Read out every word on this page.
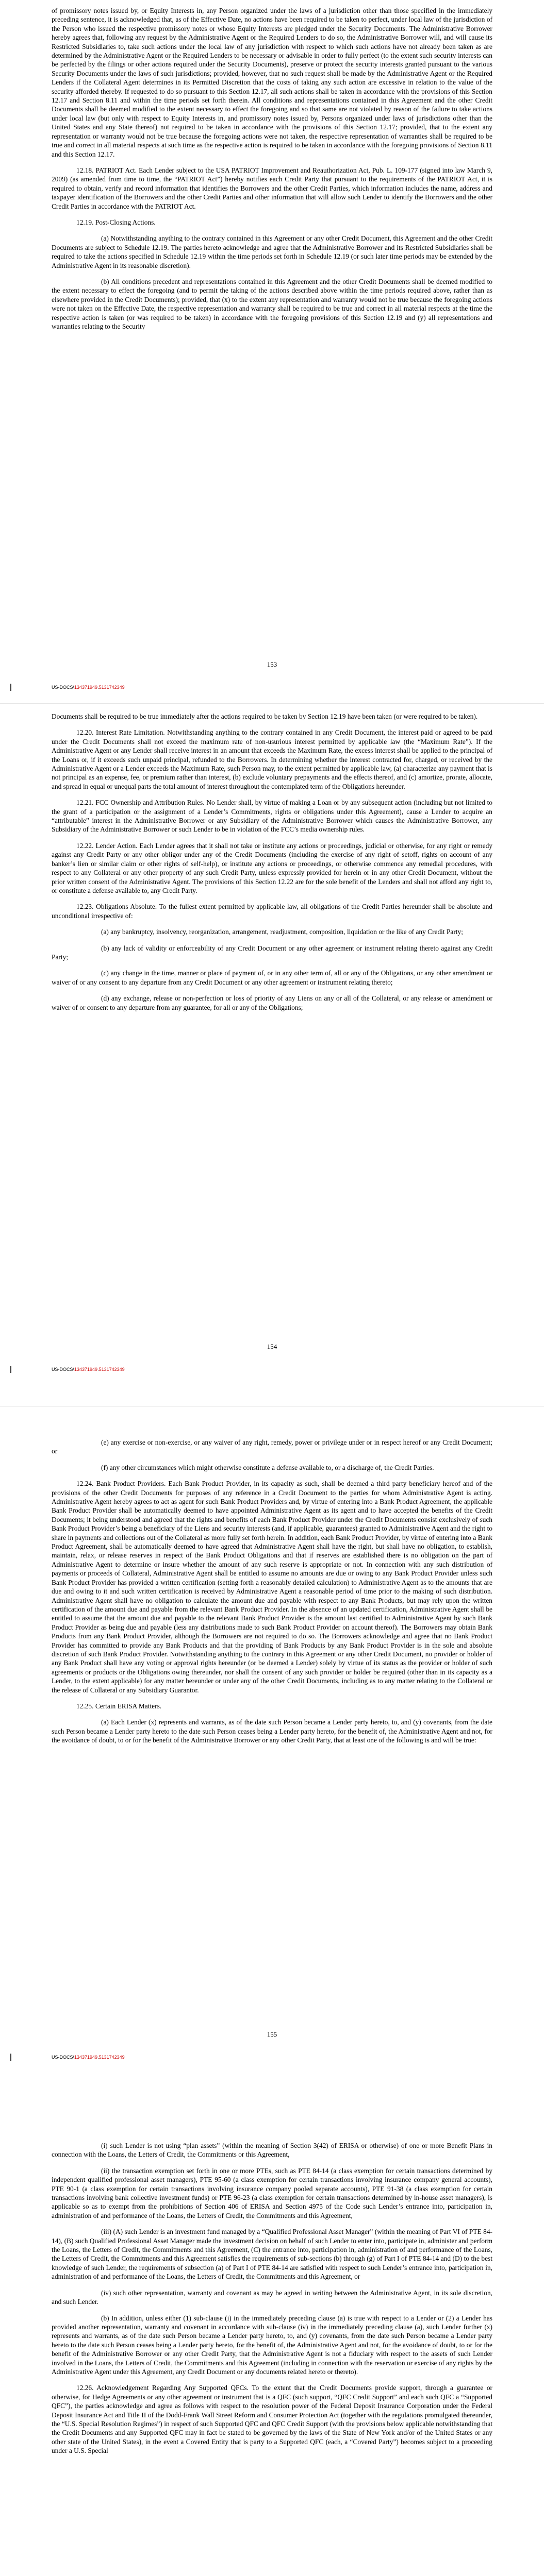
of promissory notes issued by, or Equity Interests in, any Person organized under the laws of a jurisdiction other than those specified in the immediately preceding sentence, it is acknowledged that, as of the Effective Date, no actions have been required to be taken to perfect, under local law of the jurisdiction of the Person who issued the respective promissory notes or whose Equity Interests are pledged under the Security Documents. The Administrative Borrower hereby agrees that, following any request by the Administrative Agent or the Required Lenders to do so, the Administrative Borrower will, and will cause its Restricted Subsidiaries to, take such actions under the local law of any jurisdiction with respect to which such actions have not already been taken as are determined by the Administrative Agent or the Required Lenders to be necessary or advisable in order to fully perfect (to the extent such security interests can be perfected by the filings or other actions required under the Security Documents), preserve or protect the security interests granted pursuant to the various Security Documents under the laws of such jurisdictions; provided, however, that no such request shall be made by the Administrative Agent or the Required Lenders if the Collateral Agent determines in its Permitted Discretion that the costs of taking any such action are excessive in relation to the value of the security afforded thereby. If requested to do so pursuant to this Section 12.17, all such actions shall be taken in accordance with the provisions of this Section 12.17 and Section 8.11 and within the time periods set forth therein. All conditions and representations contained in this Agreement and the other Credit Documents shall be deemed modified to the extent necessary to effect the foregoing and so that same are not violated by reason of the failure to take actions under local law (but only with respect to Equity Interests in, and promissory notes issued by, Persons organized under laws of jurisdictions other than the United States and any State thereof) not required to be taken in accordance with the provisions of this Section 12.17; provided, that to the extent any representation or warranty would not be true because the foregoing actions were not taken, the respective representation of warranties shall be required to be true and correct in all material respects at such time as the respective action is required to be taken in accordance with the foregoing provisions of Section 8.11 and this Section 12.17.

12.18. PATRIOT Act. Each Lender subject to the USA PATRIOT Improvement and Reauthorization Act, Pub. L. 109-177 (signed into law March 9, 2009) (as amended from time to time, the “PATRIOT Act”) hereby notifies each Credit Party that pursuant to the requirements of the PATRIOT Act, it is required to obtain, verify and record information that identifies the Borrowers and the other Credit Parties, which information includes the name, address and taxpayer identification of the Borrowers and the other Credit Parties and other information that will allow such Lender to identify the Borrowers and the other Credit Parties in accordance with the PATRIOT Act.

12.19. Post-Closing Actions.

(a) Notwithstanding anything to the contrary contained in this Agreement or any other Credit Document, this Agreement and the other Credit Documents are subject to Schedule 12.19. The parties hereto acknowledge and agree that the Administrative Borrower and its Restricted Subsidiaries shall be required to take the actions specified in Schedule 12.19 within the time periods set forth in Schedule 12.19 (or such later time periods may be extended by the Administrative Agent in its reasonable discretion).

(b) All conditions precedent and representations contained in this Agreement and the other Credit Documents shall be deemed modified to the extent necessary to effect the foregoing (and to permit the taking of the actions described above within the time periods required above, rather than as elsewhere provided in the Credit Documents); provided, that (x) to the extent any representation and warranty would not be true because the foregoing actions were not taken on the Effective Date, the respective representation and warranty shall be required to be true and correct in all material respects at the time the respective action is taken (or was required to be taken) in accordance with the foregoing provisions of this Section 12.19 and (y) all representations and warranties relating to the Security

153
US-DOCS\134371949.5131742349

Documents shall be required to be true immediately after the actions required to be taken by Section 12.19 have been taken (or were required to be taken).

12.20. Interest Rate Limitation. Notwithstanding anything to the contrary contained in any Credit Document, the interest paid or agreed to be paid under the Credit Documents shall not exceed the maximum rate of non-usurious interest permitted by applicable law (the “Maximum Rate”). If the Administrative Agent or any Lender shall receive interest in an amount that exceeds the Maximum Rate, the excess interest shall be applied to the principal of the Loans or, if it exceeds such unpaid principal, refunded to the Borrowers. In determining whether the interest contracted for, charged, or received by the Administrative Agent or a Lender exceeds the Maximum Rate, such Person may, to the extent permitted by applicable law, (a) characterize any payment that is not principal as an expense, fee, or premium rather than interest, (b) exclude voluntary prepayments and the effects thereof, and (c) amortize, prorate, allocate, and spread in equal or unequal parts the total amount of interest throughout the contemplated term of the Obligations hereunder.

12.21. FCC Ownership and Attribution Rules. No Lender shall, by virtue of making a Loan or by any subsequent action (including but not limited to the grant of a participation or the assignment of a Lender’s Commitments, rights or obligations under this Agreement), cause a Lender to acquire an “attributable” interest in the Administrative Borrower or any Subsidiary of the Administrative Borrower which causes the Administrative Borrower, any Subsidiary of the Administrative Borrower or such Lender to be in violation of the FCC’s media ownership rules.

12.22. Lender Action. Each Lender agrees that it shall not take or institute any actions or proceedings, judicial or otherwise, for any right or remedy against any Credit Party or any other obligor under any of the Credit Documents (including the exercise of any right of setoff, rights on account of any banker’s lien or similar claim or other rights of self-help), or institute any actions or proceedings, or otherwise commence any remedial procedures, with respect to any Collateral or any other property of any such Credit Party, unless expressly provided for herein or in any other Credit Document, without the prior written consent of the Administrative Agent. The provisions of this Section 12.22 are for the sole benefit of the Lenders and shall not afford any right to, or constitute a defense available to, any Credit Party.

12.23. Obligations Absolute. To the fullest extent permitted by applicable law, all obligations of the Credit Parties hereunder shall be absolute and unconditional irrespective of:

(a) any bankruptcy, insolvency, reorganization, arrangement, readjustment, composition, liquidation or the like of any Credit Party;

(b) any lack of validity or enforceability of any Credit Document or any other agreement or instrument relating thereto against any Credit Party;

(c) any change in the time, manner or place of payment of, or in any other term of, all or any of the Obligations, or any other amendment or waiver of or any consent to any departure from any Credit Document or any other agreement or instrument relating thereto;

(d) any exchange, release or non-perfection or loss of priority of any Liens on any or all of the Collateral, or any release or amendment or waiver of or consent to any departure from any guarantee, for all or any of the Obligations;

154
US-DOCS\134371949.5131742349

(e) any exercise or non-exercise, or any waiver of any right, remedy, power or privilege under or in respect hereof or any Credit Document; or

(f) any other circumstances which might otherwise constitute a defense available to, or a discharge of, the Credit Parties.

12.24. Bank Product Providers. Each Bank Product Provider, in its capacity as such, shall be deemed a third party beneficiary hereof and of the provisions of the other Credit Documents for purposes of any reference in a Credit Document to the parties for whom Administrative Agent is acting. Administrative Agent hereby agrees to act as agent for such Bank Product Providers and, by virtue of entering into a Bank Product Agreement, the applicable Bank Product Provider shall be automatically deemed to have appointed Administrative Agent as its agent and to have accepted the benefits of the Credit Documents; it being understood and agreed that the rights and benefits of each Bank Product Provider under the Credit Documents consist exclusively of such Bank Product Provider’s being a beneficiary of the Liens and security interests (and, if applicable, guarantees) granted to Administrative Agent and the right to share in payments and collections out of the Collateral as more fully set forth herein. In addition, each Bank Product Provider, by virtue of entering into a Bank Product Agreement, shall be automatically deemed to have agreed that Administrative Agent shall have the right, but shall have no obligation, to establish, maintain, relax, or release reserves in respect of the Bank Product Obligations and that if reserves are established there is no obligation on the part of Administrative Agent to determine or insure whether the amount of any such reserve is appropriate or not. In connection with any such distribution of payments or proceeds of Collateral, Administrative Agent shall be entitled to assume no amounts are due or owing to any Bank Product Provider unless such Bank Product Provider has provided a written certification (setting forth a reasonably detailed calculation) to Administrative Agent as to the amounts that are due and owing to it and such written certification is received by Administrative Agent a reasonable period of time prior to the making of such distribution. Administrative Agent shall have no obligation to calculate the amount due and payable with respect to any Bank Products, but may rely upon the written certification of the amount due and payable from the relevant Bank Product Provider. In the absence of an updated certification, Administrative Agent shall be entitled to assume that the amount due and payable to the relevant Bank Product Provider is the amount last certified to Administrative Agent by such Bank Product Provider as being due and payable (less any distributions made to such Bank Product Provider on account thereof). The Borrowers may obtain Bank Products from any Bank Product Provider, although the Borrowers are not required to do so. The Borrowers acknowledge and agree that no Bank Product Provider has committed to provide any Bank Products and that the providing of Bank Products by any Bank Product Provider is in the sole and absolute discretion of such Bank Product Provider. Notwithstanding anything to the contrary in this Agreement or any other Credit Document, no provider or holder of any Bank Product shall have any voting or approval rights hereunder (or be deemed a Lender) solely by virtue of its status as the provider or holder of such agreements or products or the Obligations owing thereunder, nor shall the consent of any such provider or holder be required (other than in its capacity as a Lender, to the extent applicable) for any matter hereunder or under any of the other Credit Documents, including as to any matter relating to the Collateral or the release of Collateral or any Subsidiary Guarantor.

12.25. Certain ERISA Matters.

(a) Each Lender (x) represents and warrants, as of the date such Person became a Lender party hereto, to, and (y) covenants, from the date such Person became a Lender party hereto to the date such Person ceases being a Lender party hereto, for the benefit of, the Administrative Agent and not, for the avoidance of doubt, to or for the benefit of the Administrative Borrower or any other Credit Party, that at least one of the following is and will be true:

155
US-DOCS\134371949.5131742349

(i) such Lender is not using “plan assets” (within the meaning of Section 3(42) of ERISA or otherwise) of one or more Benefit Plans in connection with the Loans, the Letters of Credit, the Commitments or this Agreement,

(ii) the transaction exemption set forth in one or more PTEs, such as PTE 84-14 (a class exemption for certain transactions determined by independent qualified professional asset managers), PTE 95-60 (a class exemption for certain transactions involving insurance company general accounts), PTE 90-1 (a class exemption for certain transactions involving insurance company pooled separate accounts), PTE 91-38 (a class exemption for certain transactions involving bank collective investment funds) or PTE 96-23 (a class exemption for certain transactions determined by in-house asset managers), is applicable so as to exempt from the prohibitions of Section 406 of ERISA and Section 4975 of the Code such Lender’s entrance into, participation in, administration of and performance of the Loans, the Letters of Credit, the Commitments and this Agreement,

(iii) (A) such Lender is an investment fund managed by a “Qualified Professional Asset Manager” (within the meaning of Part VI of PTE 84-14), (B) such Qualified Professional Asset Manager made the investment decision on behalf of such Lender to enter into, participate in, administer and perform the Loans, the Letters of Credit, the Commitments and this Agreement, (C) the entrance into, participation in, administration of and performance of the Loans, the Letters of Credit, the Commitments and this Agreement satisfies the requirements of sub-sections (b) through (g) of Part I of PTE 84-14 and (D) to the best knowledge of such Lender, the requirements of subsection (a) of Part I of PTE 84-14 are satisfied with respect to such Lender’s entrance into, participation in, administration of and performance of the Loans, the Letters of Credit, the Commitments and this Agreement, or

(iv) such other representation, warranty and covenant as may be agreed in writing between the Administrative Agent, in its sole discretion, and such Lender.

(b) In addition, unless either (1) sub-clause (i) in the immediately preceding clause (a) is true with respect to a Lender or (2) a Lender has provided another representation, warranty and covenant in accordance with sub-clause (iv) in the immediately preceding clause (a), such Lender further (x) represents and warrants, as of the date such Person became a Lender party hereto, to, and (y) covenants, from the date such Person became a Lender party hereto to the date such Person ceases being a Lender party hereto, for the benefit of, the Administrative Agent and not, for the avoidance of doubt, to or for the benefit of the Administrative Borrower or any other Credit Party, that the Administrative Agent is not a fiduciary with respect to the assets of such Lender involved in the Loans, the Letters of Credit, the Commitments and this Agreement (including in connection with the reservation or exercise of any rights by the Administrative Agent under this Agreement, any Credit Document or any documents related hereto or thereto).

12.26. Acknowledgement Regarding Any Supported QFCs. To the extent that the Credit Documents provide support, through a guarantee or otherwise, for Hedge Agreements or any other agreement or instrument that is a QFC (such support, “QFC Credit Support” and each such QFC a “Supported QFC”), the parties acknowledge and agree as follows with respect to the resolution power of the Federal Deposit Insurance Corporation under the Federal Deposit Insurance Act and Title II of the Dodd-Frank Wall Street Reform and Consumer Protection Act (together with the regulations promulgated thereunder, the “U.S. Special Resolution Regimes”) in respect of such Supported QFC and QFC Credit Support (with the provisions below applicable notwithstanding that the Credit Documents and any Supported QFC may in fact be stated to be governed by the laws of the State of New York and/or of the United States or any other state of the United States), in the event a Covered Entity that is party to a Supported QFC (each, a “Covered Party”) becomes subject to a proceeding under a U.S. Special
